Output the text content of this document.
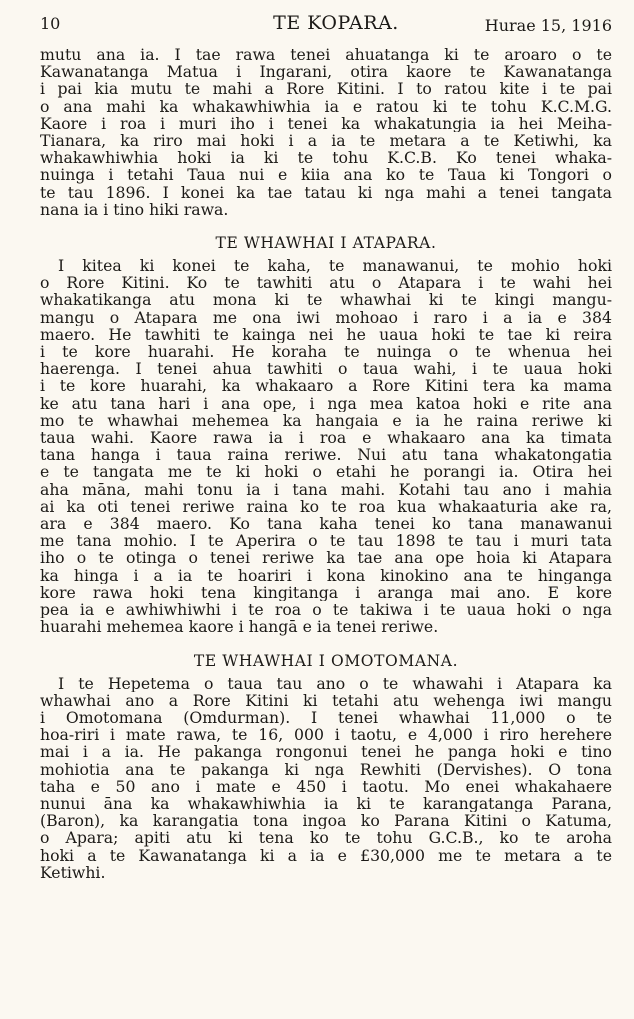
10	TE KOPARA.	Hurae 15, 1916
mutu ana ia. I tae rawa tenei ahuatanga ki te aroaro o te
Kawanatanga Matua i Ingarani, otira kaore te Kawanatanga
i pai kia mutu te mahi a Rore Kitini. I to ratou kite i te pai
o ana mahi ka whakawhiwhia ia e ratou ki te tohu K.C.M.G.
Kaore i roa i muri iho i tenei ka whakatungia ia hei Meiha-
Tianara, ka riro mai hoki i a ia te metara a te Ketiwhi, ka
whakawhiwhia hoki ia ki te tohu K.C.B. Ko tenei whaka-
nuinga i tetahi Taua nui e kiia ana ko te Taua ki Tongori o
te tau 1896. I konei ka tae tatau ki nga mahi a tenei tangata
nana ia i tino hiki rawa.
TE WHAWHAI I ATAPARA.
I kitea ki konei te kaha, te manawanui, te mohio hoki
o Rore Kitini. Ko te tawhiti atu o Atapara i te wahi hei
whakatikanga atu mona ki te whawhai ki te kingi mangu-
mangu o Atapara me ona iwi mohoao i raro i a ia e 384
maero. He tawhiti te kainga nei he uaua hoki te tae ki reira
i te kore huarahi. He koraha te nuinga o te whenua hei
haerenga. I tenei ahua tawhiti o taua wahi, i te uaua hoki
i te kore huarahi, ka whakaaro a Rore Kitini tera ka mama
ke atu tana hari i ana ope, i nga mea katoa hoki e rite ana
mo te whawhai mehemea ka hangaia e ia he raina reriwe ki
taua wahi. Kaore rawa ia i roa e whakaaro ana ka timata
tana hanga i taua raina reriwe. Nui atu tana whakatongatia
e te tangata me te ki hoki o etahi he porangi ia. Otira hei
aha māna, mahi tonu ia i tana mahi. Kotahi tau ano i mahia
ai ka oti tenei reriwe raina ko te roa kua whakaaturia ake ra,
ara e 384 maero. Ko tana kaha tenei ko tana manawanui
me tana mohio. I te Aperira o te tau 1898 te tau i muri tata
iho o te otinga o tenei reriwe ka tae ana ope hoia ki Atapara
ka hinga i a ia te hoariri i kona kinokino ana te hinganga
kore rawa hoki tena kingitanga i aranga mai ano. E kore
pea ia e awhiwhiwhi i te roa o te takiwa i te uaua hoki o nga
huarahi mehemea kaore i hangā e ia tenei reriwe.
TE WHAWHAI I OMOTOMANA.
I te Hepetema o taua tau ano o te whawahi i Atapara ka
whawhai ano a Rore Kitini ki tetahi atu wehenga iwi mangu
i Omotomana (Omdurman). I tenei whawhai 11,000 o te
hoa-riri i mate rawa, te 16, 000 i taotu, e 4,000 i riro herehere
mai i a ia. He pakanga rongonui tenei he panga hoki e tino
mohiotia ana te pakanga ki nga Rewhiti (Dervishes). O tona
taha e 50 ano i mate e 450 i taotu. Mo enei whakahaere
nunui āna ka whakawhiwhia ia ki te karangatanga Parana,
(Baron), ka karangatia tona ingoa ko Parana Kitini o Katuma,
o Apara; apiti atu ki tena ko te tohu G.C.B., ko te aroha
hoki a te Kawanatanga ki a ia e £30,000 me te metara a te
Ketiwhi.
